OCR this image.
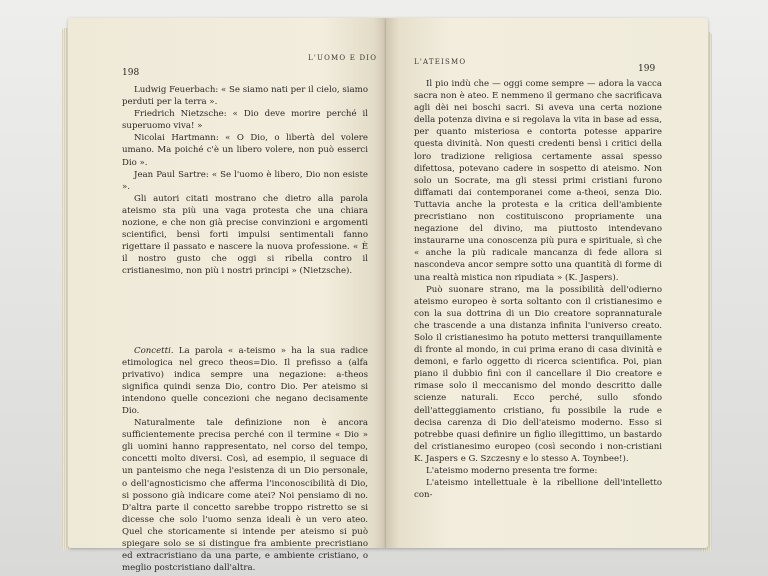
198
L'UOMO E DIO

Ludwig Feuerbach: « Se siamo nati per il cielo, siamo perduti per la terra ».

Friedrich Nietzsche: « Dio deve morire perché il superuomo viva! »

Nicolai Hartmann: « O Dio, o libertà del volere umano. Ma poiché c'è un libero volere, non può esserci Dio ».

Jean Paul Sartre: « Se l'uomo è libero, Dio non esiste ».

Gli autori citati mostrano che dietro alla parola ateismo sta più una vaga protesta che una chiara nozione, e che non già precise convinzioni e argomenti scientifici, bensì forti impulsi sentimentali fanno rigettare il passato e nascere la nuova professione. « È il nostro gusto che oggi si ribella contro il cristianesimo, non più i nostri principi » (Nietzsche).

Concetti. La parola « a-teismo » ha la sua radice etimologica nel greco theos=Dio. Il prefisso a (alfa privativo) indica sempre una negazione: a-theos significa quindi senza Dio, contro Dio. Per ateismo si intendono quelle concezioni che negano decisamente Dio.

Naturalmente tale definizione non è ancora sufficientemente precisa perché con il termine « Dio » gli uomini hanno rappresentato, nel corso del tempo, concetti molto diversi. Così, ad esempio, il seguace di un panteismo che nega l'esistenza di un Dio personale, o dell'agnosticismo che afferma l'inconoscibilità di Dio, si possono già indicare come atei? Noi pensiamo di no. D'altra parte il concetto sarebbe troppo ristretto se si dicesse che solo l'uomo senza ideali è un vero ateo. Quel che storicamente si intende per ateismo si può spiegare solo se si distingue fra ambiente precristiano ed extracristiano da una parte, e ambiente cristiano, o meglio postcristiano dall'altra.

L'ATEISMO
199

Il pio indù che — oggi come sempre — adora la vacca sacra non è ateo. E nemmeno il germano che sacrificava agli dèi nei boschi sacri. Si aveva una certa nozione della potenza divina e si regolava la vita in base ad essa, per quanto misteriosa e contorta potesse apparire questa divinità. Non questi credenti bensì i critici della loro tradizione religiosa certamente assai spesso difettosa, potevano cadere in sospetto di ateismo. Non solo un Socrate, ma gli stessi primi cristiani furono diffamati dai contemporanei come a-theoi, senza Dio. Tuttavia anche la protesta e la critica dell'ambiente precristiano non costituiscono propriamente una negazione del divino, ma piuttosto intendevano instaurarne una conoscenza più pura e spirituale, sì che « anche la più radicale mancanza di fede allora si nascondeva ancor sempre sotto una quantità di forme di una realtà mistica non ripudiata » (K. Jaspers).

Può suonare strano, ma la possibilità dell'odierno ateismo europeo è sorta soltanto con il cristianesimo e con la sua dottrina di un Dio creatore soprannaturale che trascende a una distanza infinita l'universo creato. Solo il cristianesimo ha potuto mettersi tranquillamente di fronte al mondo, in cui prima erano di casa divinità e demoni, e farlo oggetto di ricerca scientifica. Poi, pian piano il dubbio finì con il cancellare il Dio creatore e rimase solo il meccanismo del mondo descritto dalle scienze naturali. Ecco perché, sullo sfondo dell'atteggiamento cristiano, fu possibile la rude e decisa carenza di Dio dell'ateismo moderno. Esso si potrebbe quasi definire un figlio illegittimo, un bastardo del cristianesimo europeo (così secondo i non-cristiani K. Jaspers e G. Szczesny e lo stesso A. Toynbee!).

L'ateismo moderno presenta tre forme:

L'ateismo intellettuale è la ribellione dell'intelletto con-
